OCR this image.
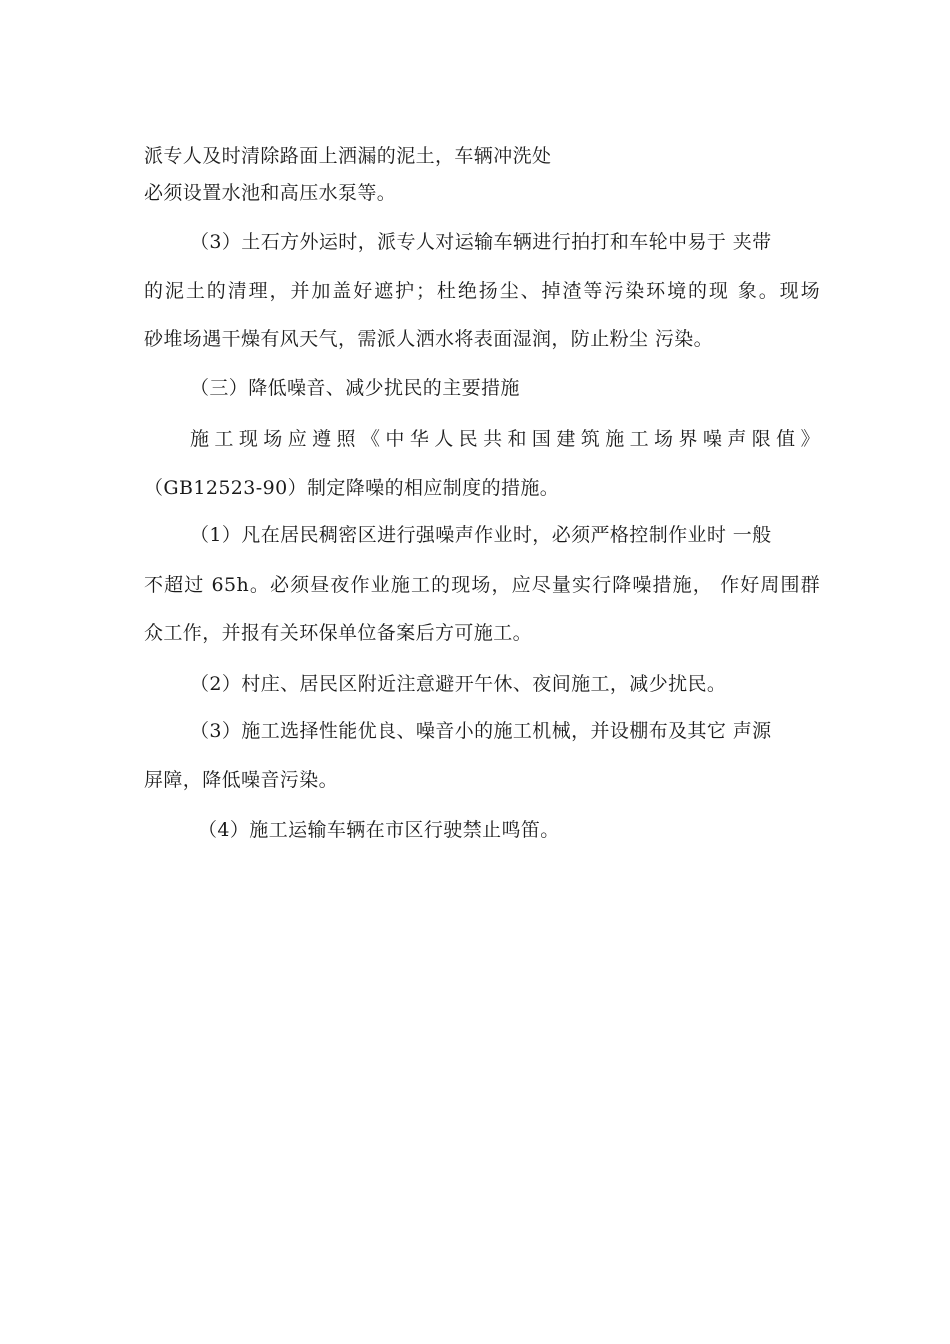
派专人及时清除路面上洒漏的泥土，车辆冲洗处

必须设置水池和高压水泵等。

（3）土石方外运时，派专人对运输车辆进行拍打和车轮中易于 夹带

的泥土的清理，并加盖好遮护；杜绝扬尘、掉渣等污染环境的现 象。现场

砂堆场遇干燥有风天气，需派人洒水将表面湿润，防止粉尘 污染。

（三）降低噪音、减少扰民的主要措施

施工现场应遵照《中华人民共和国建筑施工场界噪声限值》

（GB12523-90）制定降噪的相应制度的措施。

（1）凡在居民稠密区进行强噪声作业时，必须严格控制作业时 一般

不超过 65h。必须昼夜作业施工的现场，应尽量实行降噪措施， 作好周围群

众工作，并报有关环保单位备案后方可施工。

（2）村庄、居民区附近注意避开午休、夜间施工，减少扰民。

（3）施工选择性能优良、噪音小的施工机械，并设棚布及其它 声源

屏障，降低噪音污染。

（4）施工运输车辆在市区行驶禁止鸣笛。
